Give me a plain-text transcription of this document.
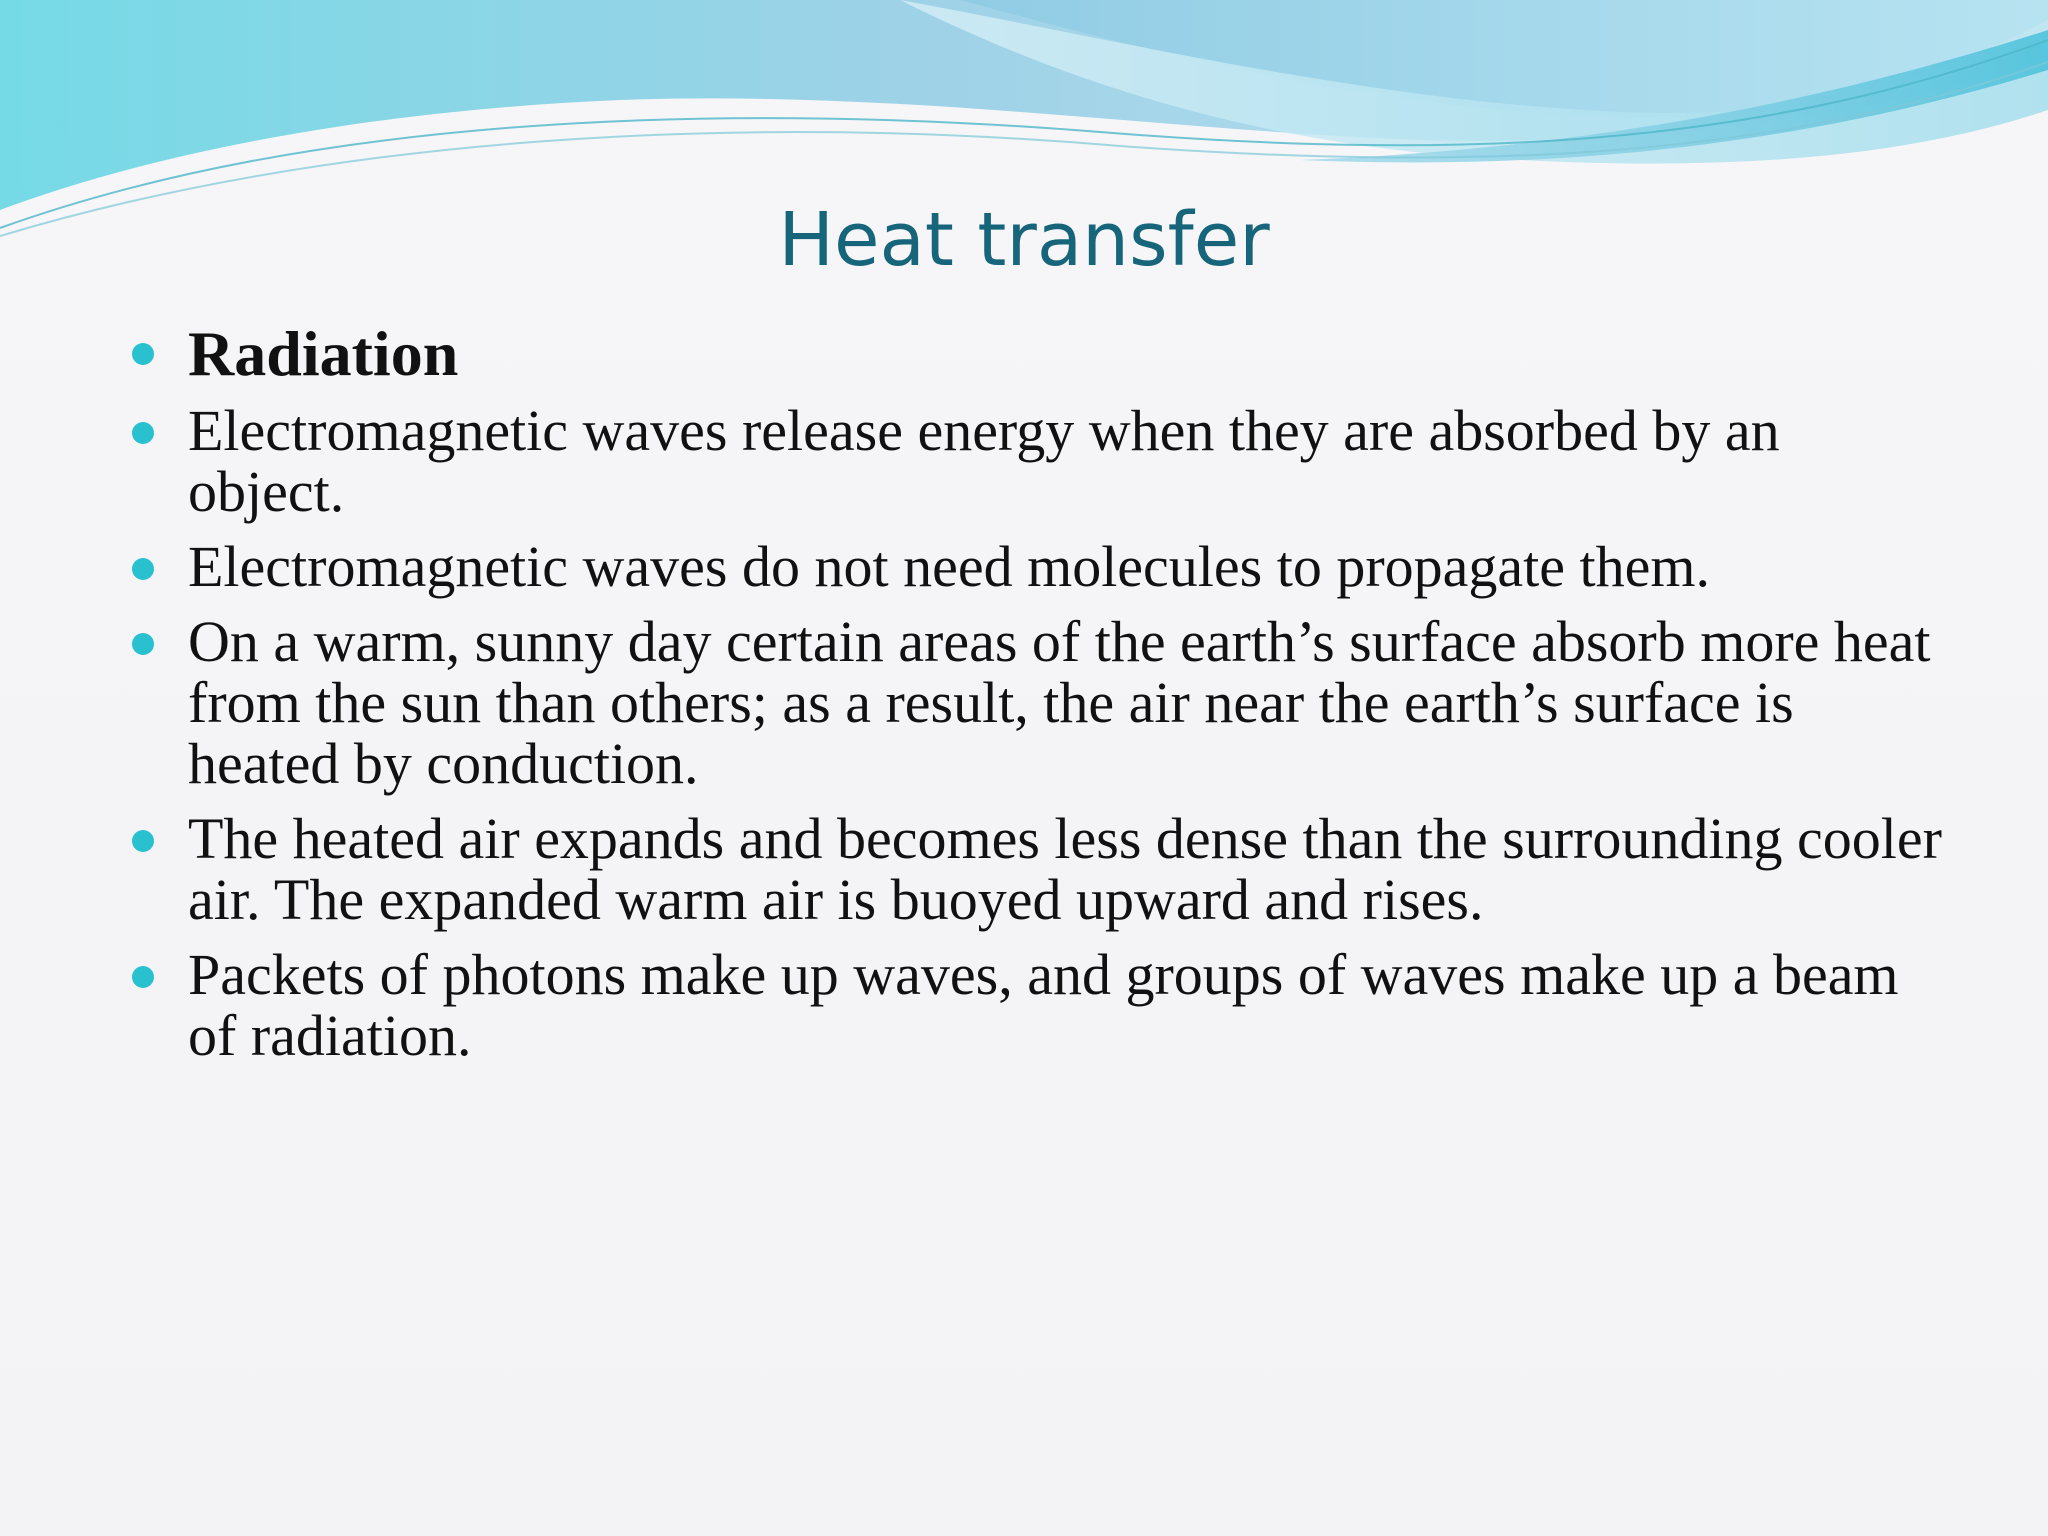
Heat transfer
Radiation
Electromagnetic waves release energy when they are absorbed by an object.
Electromagnetic waves do not need molecules to propagate them.
On a warm, sunny day certain areas of the earth’s surface absorb more heat from the sun than others; as a result, the air near the earth’s surface is heated by conduction.
The heated air expands and becomes less dense than the surrounding cooler air. The expanded warm air is buoyed upward and rises.
Packets of photons make up waves, and groups of waves make up a beam of radiation.
